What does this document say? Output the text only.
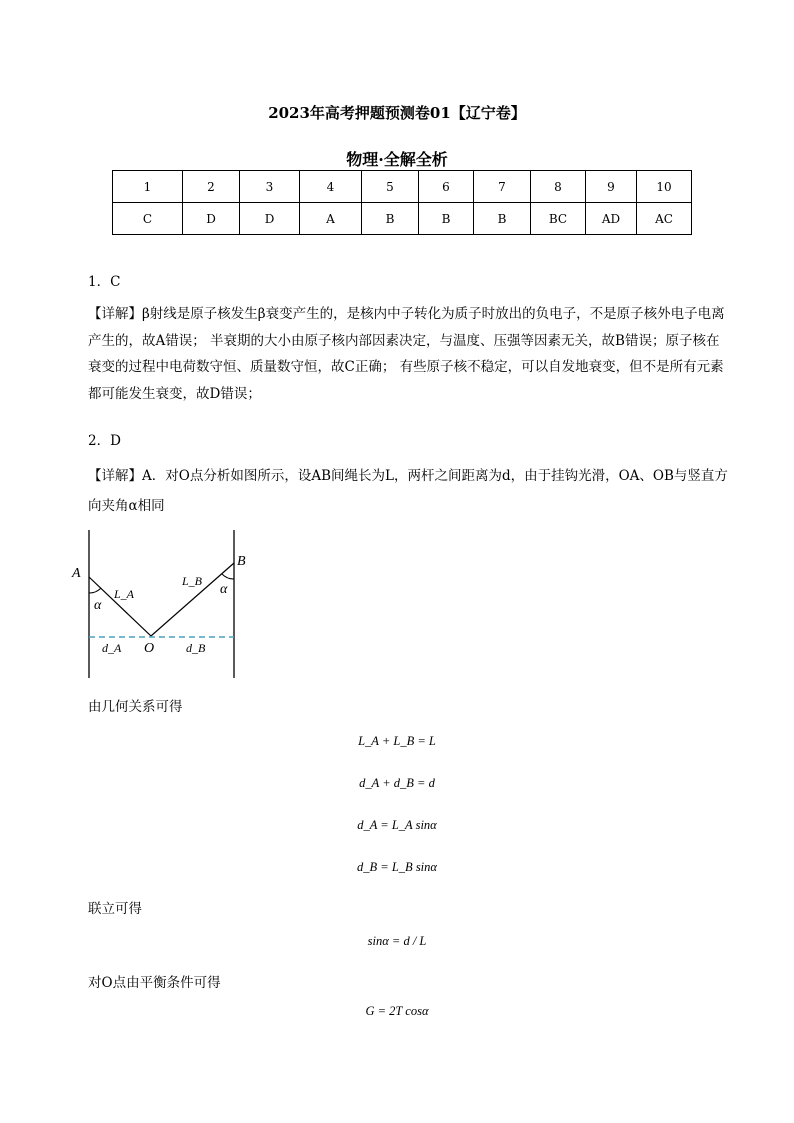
2023年高考押题预测卷01【辽宁卷】
物理·全解全析
1	2	3	4	5	6	7	8	9	10
C	D	D	A	B	B	B	BC	AD	AC
1．C
【详解】β射线是原子核发生β衰变产生的，是核内中子转化为质子时放出的负电子，不是原子核外电子电离产生的，故A错误； 半衰期的大小由原子核内部因素决定，与温度、压强等因素无关，故B错误；原子核在衰变的过程中电荷数守恒、质量数守恒，故C正确； 有些原子核不稳定，可以自发地衰变，但不是所有元素都可能发生衰变，故D错误；
2．D
【详解】A．对O点分析如图所示，设AB间绳长为L，两杆之间距离为d，由于挂钩光滑，OA、OB与竖直方向夹角α相同
A
B
O
L_A
L_B
d_A	d_B
α
α
由几何关系可得
L_A + L_B = L
d_A + d_B = d
d_A = L_A sinα
d_B = L_B sinα
联立可得
sinα = d / L
对O点由平衡条件可得
G = 2T cosα
